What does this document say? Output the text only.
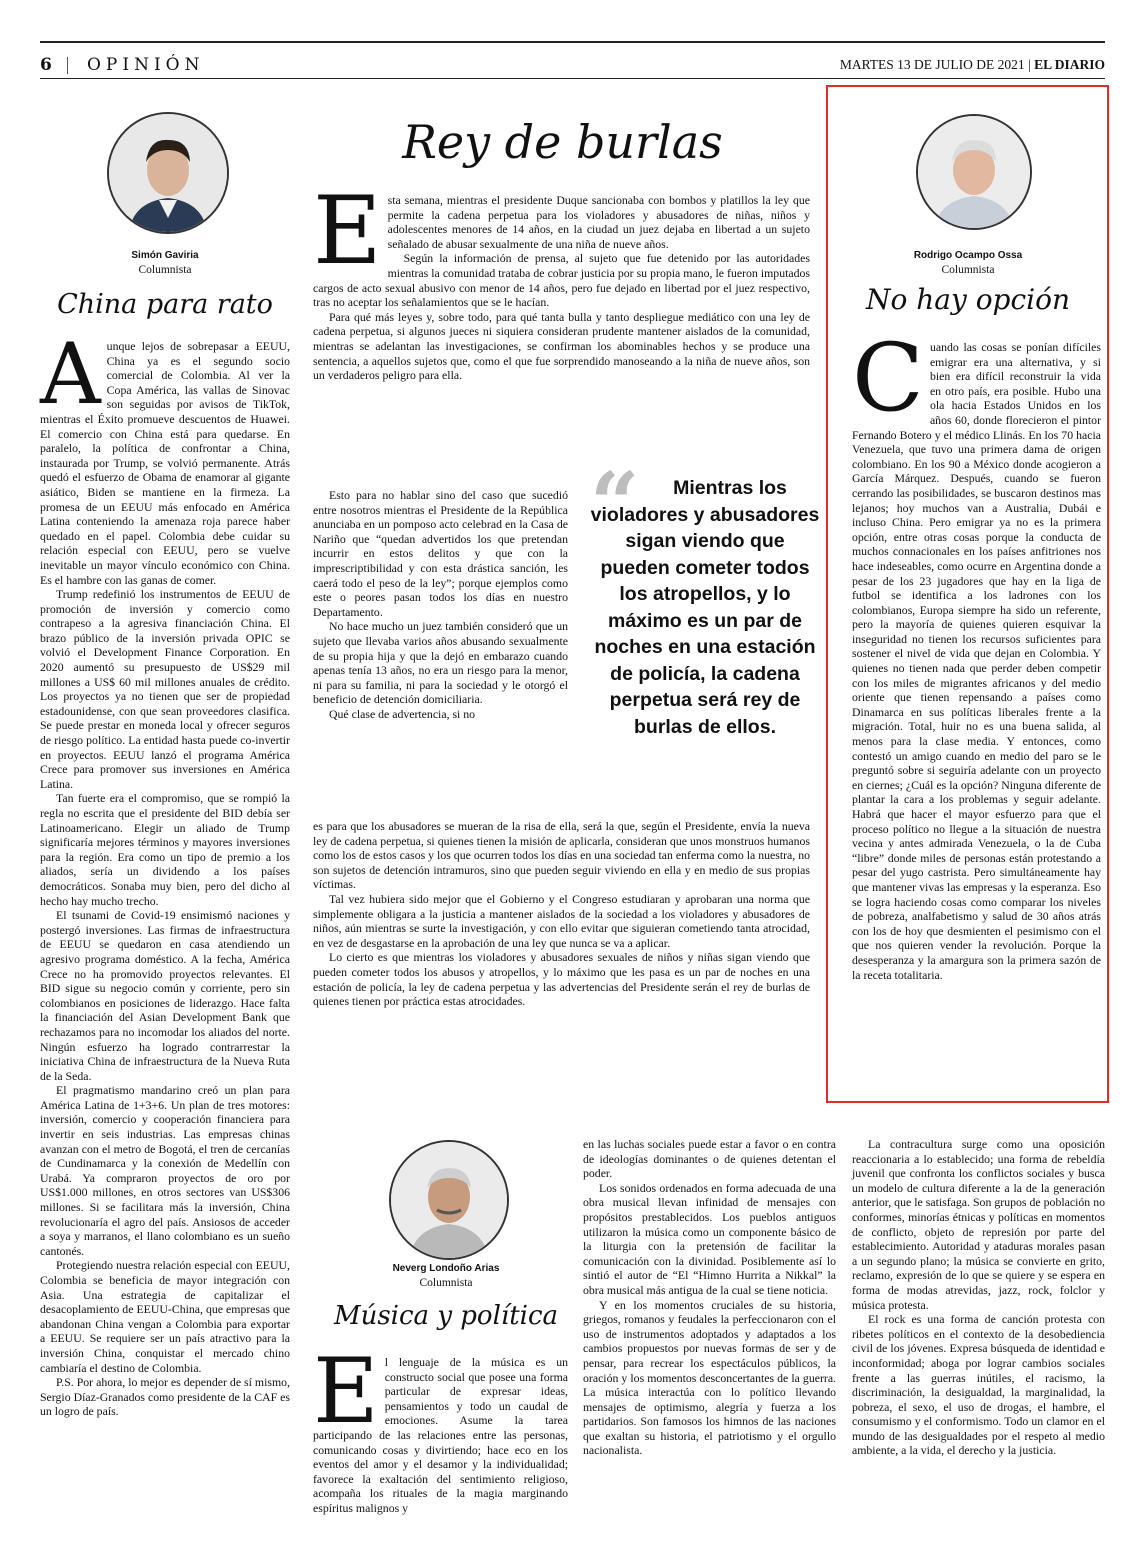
6 OPINIÓN	MARTES 13 DE JULIO DE 2021 | EL DIARIO
Simón Gaviria
Columnista
China para rato
A unque lejos de sobrepasar a EEUU, China ya es el segundo socio comercial de Colombia. Al ver la Copa América, las vallas de Sinovac son seguidas por avisos de TikTok, mientras el Éxito promueve descuentos de Huawei. El comercio con China está para quedarse. En paralelo, la política de confrontar a China, instaurada por Trump, se volvió permanente. Atrás quedó el esfuerzo de Obama de enamorar al gigante asiático, Biden se mantiene en la firmeza. La promesa de un EEUU más enfocado en América Latina conteniendo la amenaza roja parece haber quedado en el papel. Colombia debe cuidar su relación especial con EEUU, pero se vuelve inevitable un mayor vínculo económico con China. Es el hambre con las ganas de comer.

Trump redefinió los instrumentos de EEUU de promoción de inversión y comercio como contrapeso a la agresiva financiación China. El brazo público de la inversión privada OPIC se volvió el Development Finance Corporation. En 2020 aumentó su presupuesto de US$29 mil millones a US$ 60 mil millones anuales de crédito. Los proyectos ya no tienen que ser de propiedad estadounidense, con que sean proveedores clasifica. Se puede prestar en moneda local y ofrecer seguros de riesgo político. La entidad hasta puede co-invertir en proyectos. EEUU lanzó el programa América Crece para promover sus inversiones en América Latina.

Tan fuerte era el compromiso, que se rompió la regla no escrita que el presidente del BID debía ser Latinoamericano. Elegir un aliado de Trump significaría mejores términos y mayores inversiones para la región. Era como un tipo de premio a los aliados, sería un dividendo a los países democráticos. Sonaba muy bien, pero del dicho al hecho hay mucho trecho.

El tsunami de Covid-19 ensimismó naciones y postergó inversiones. Las firmas de infraestructura de EEUU se quedaron en casa atendiendo un agresivo programa doméstico. A la fecha, América Crece no ha promovido proyectos relevantes. El BID sigue su negocio común y corriente, pero sin colombianos en posiciones de liderazgo. Hace falta la financiación del Asian Development Bank que rechazamos para no incomodar los aliados del norte. Ningún esfuerzo ha logrado contrarrestar la iniciativa China de infraestructura de la Nueva Ruta de la Seda.

El pragmatismo mandarino creó un plan para América Latina de 1+3+6. Un plan de tres motores: inversión, comercio y cooperación financiera para invertir en seis industrias. Las empresas chinas avanzan con el metro de Bogotá, el tren de cercanías de Cundinamarca y la conexión de Medellín con Urabá. Ya compraron proyectos de oro por US$1.000 millones, en otros sectores van US$306 millones. Si se facilitara más la inversión, China revolucionaría el agro del país. Ansiosos de acceder a soya y marranos, el llano colombiano es un sueño cantonés.

Protegiendo nuestra relación especial con EEUU, Colombia se beneficia de mayor integración con Asia. Una estrategia de capitalizar el desacoplamiento de EEUU-China, que empresas que abandonan China vengan a Colombia para exportar a EEUU. Se requiere ser un país atractivo para la inversión China, conquistar el mercado chino cambiaría el destino de Colombia.

P.S. Por ahora, lo mejor es depender de sí mismo, Sergio Díaz-Granados como presidente de la CAF es un logro de país.

Rey de burlas
E sta semana, mientras el presidente Duque sancionaba con bombos y platillos la ley que permite la cadena perpetua para los violadores y abusadores de niñas, niños y adolescentes menores de 14 años, en la ciudad un juez dejaba en libertad a un sujeto señalado de abusar sexualmente de una niña de nueve años.

Según la información de prensa, al sujeto que fue detenido por las autoridades mientras la comunidad trataba de cobrar justicia por su propia mano, le fueron imputados cargos de acto sexual abusivo con menor de 14 años, pero fue dejado en libertad por el juez respectivo, tras no aceptar los señalamientos que se le hacían.

Para qué más leyes y, sobre todo, para qué tanta bulla y tanto despliegue mediático con una ley de cadena perpetua, si algunos jueces ni siquiera consideran prudente mantener aislados de la comunidad, mientras se adelantan las investigaciones, se confirman los abominables hechos y se produce una sentencia, a aquellos sujetos que, como el que fue sorprendido manoseando a la niña de nueve años, son un verdaderos peligro para ella.

Esto para no hablar sino del caso que sucedió entre nosotros mientras el Presidente de la República anunciaba en un pomposo acto celebrad en la Casa de Nariño que “quedan advertidos los que pretendan incurrir en estos delitos y que con la imprescriptibilidad y con esta drástica sanción, les caerá todo el peso de la ley”; porque ejemplos como este o peores pasan todos los días en nuestro Departamento.

No hace mucho un juez también consideró que un sujeto que llevaba varios años abusando sexualmente de su propia hija y que la dejó en embarazo cuando apenas tenía 13 años, no era un riesgo para la menor, ni para su familia, ni para la sociedad y le otorgó el beneficio de detención domiciliaria.

Qué clase de advertencia, si no

“	Mientras los violadores y abusadores sigan viendo que pueden cometer todos los atropellos, y lo máximo es un par de noches en una estación de policía, la cadena perpetua será rey de burlas de ellos.

es para que los abusadores se mueran de la risa de ella, será la que, según el Presidente, envía la nueva ley de cadena perpetua, si quienes tienen la misión de aplicarla, consideran que unos monstruos humanos como los de estos casos y los que ocurren todos los días en una sociedad tan enferma como la nuestra, no son sujetos de detención intramuros, sino que pueden seguir viviendo en ella y en medio de sus propias víctimas.

Tal vez hubiera sido mejor que el Gobierno y el Congreso estudiaran y aprobaran una norma que simplemente obligara a la justicia a mantener aislados de la sociedad a los violadores y abusadores de niños, aún mientras se surte la investigación, y con ello evitar que siguieran cometiendo tanta atrocidad, en vez de desgastarse en la aprobación de una ley que nunca se va a aplicar.

Lo cierto es que mientras los violadores y abusadores sexuales de niños y niñas sigan viendo que pueden cometer todos los abusos y atropellos, y lo máximo que les pasa es un par de noches en una estación de policía, la ley de cadena perpetua y las advertencias del Presidente serán el rey de burlas de quienes tienen por práctica estas atrocidades.

Rodrigo Ocampo Ossa
Columnista
No hay opción
C uando las cosas se ponían difíciles emigrar era una alternativa, y si bien era difícil reconstruir la vida en otro país, era posible. Hubo una ola hacia Estados Unidos en los años 60, donde florecieron el pintor Fernando Botero y el médico Llinás. En los 70 hacia Venezuela, que tuvo una primera dama de origen colombiano. En los 90 a México donde acogieron a García Márquez. Después, cuando se fueron cerrando las posibilidades, se buscaron destinos mas lejanos; hoy muchos van a Australia, Dubái e incluso China. Pero emigrar ya no es la primera opción, entre otras cosas porque la conducta de muchos connacionales en los países anfitriones nos hace indeseables, como ocurre en Argentina donde a pesar de los 23 jugadores que hay en la liga de futbol se identifica a los ladrones con los colombianos, Europa siempre ha sido un referente, pero la mayoría de quienes quieren esquivar la inseguridad no tienen los recursos suficientes para sostener el nivel de vida que dejan en Colombia. Y quienes no tienen nada que perder deben competir con los miles de migrantes africanos y del medio oriente que tienen repensando a países como Dinamarca en sus políticas liberales frente a la migración. Total, huir no es una buena salida, al menos para la clase media. Y entonces, como contestó un amigo cuando en medio del paro se le preguntó sobre si seguiría adelante con un proyecto en ciernes; ¿Cuál es la opción? Ninguna diferente de plantar la cara a los problemas y seguir adelante. Habrá que hacer el mayor esfuerzo para que el proceso político no llegue a la situación de nuestra vecina y antes admirada Venezuela, o la de Cuba “libre” donde miles de personas están protestando a pesar del yugo castrista. Pero simultáneamente hay que mantener vivas las empresas y la esperanza. Eso se logra haciendo cosas como comparar los niveles de pobreza, analfabetismo y salud de 30 años atrás con los de hoy que desmienten el pesimismo con el que nos quieren vender la revolución. Porque la desesperanza y la amargura son la primera sazón de la receta totalitaria.

Neverg Londoño Arias
Columnista
Música y política
E l lenguaje de la música es un constructo social que posee una forma particular de expresar ideas, pensamientos y todo un caudal de emociones. Asume la tarea participando de las relaciones entre las personas, comunicando cosas y divirtiendo; hace eco en los eventos del amor y el desamor y la individualidad; favorece la exaltación del sentimiento religioso, acompaña los rituales de la magia marginando espíritus malignos y

en las luchas sociales puede estar a favor o en contra de ideologías dominantes o de quienes detentan el poder.

Los sonidos ordenados en forma adecuada de una obra musical llevan infinidad de mensajes con propósitos prestablecidos. Los pueblos antiguos utilizaron la música como un componente básico de la liturgia con la pretensión de facilitar la comunicación con la divinidad. Posiblemente así lo sintió el autor de “El “Himno Hurrita a Nikkal” la obra musical más antigua de la cual se tiene noticia.

Y en los momentos cruciales de su historia, griegos, romanos y feudales la perfeccionaron con el uso de instrumentos adoptados y adaptados a los cambios propuestos por nuevas formas de ser y de pensar, para recrear los espectáculos públicos, la oración y los momentos desconcertantes de la guerra. La música interactúa con lo político llevando mensajes de optimismo, alegría y fuerza a los partidarios. Son famosos los himnos de las naciones que exaltan su historia, el patriotismo y el orgullo nacionalista.

La contracultura surge como una oposición reaccionaria a lo establecido; una forma de rebeldía juvenil que confronta los conflictos sociales y busca un modelo de cultura diferente a la de la generación anterior, que le satisfaga. Son grupos de población no conformes, minorías étnicas y políticas en momentos de conflicto, objeto de represión por parte del establecimiento. Autoridad y ataduras morales pasan a un segundo plano; la música se convierte en grito, reclamo, expresión de lo que se quiere y se espera en forma de modas atrevidas, jazz, rock, folclor y música protesta.

El rock es una forma de canción protesta con ribetes políticos en el contexto de la desobediencia civil de los jóvenes. Expresa búsqueda de identidad e inconformidad; aboga por lograr cambios sociales frente a las guerras inútiles, el racismo, la discriminación, la desigualdad, la marginalidad, la pobreza, el sexo, el uso de drogas, el hambre, el consumismo y el conformismo. Todo un clamor en el mundo de las desigualdades por el respeto al medio ambiente, a la vida, el derecho y la justicia.
